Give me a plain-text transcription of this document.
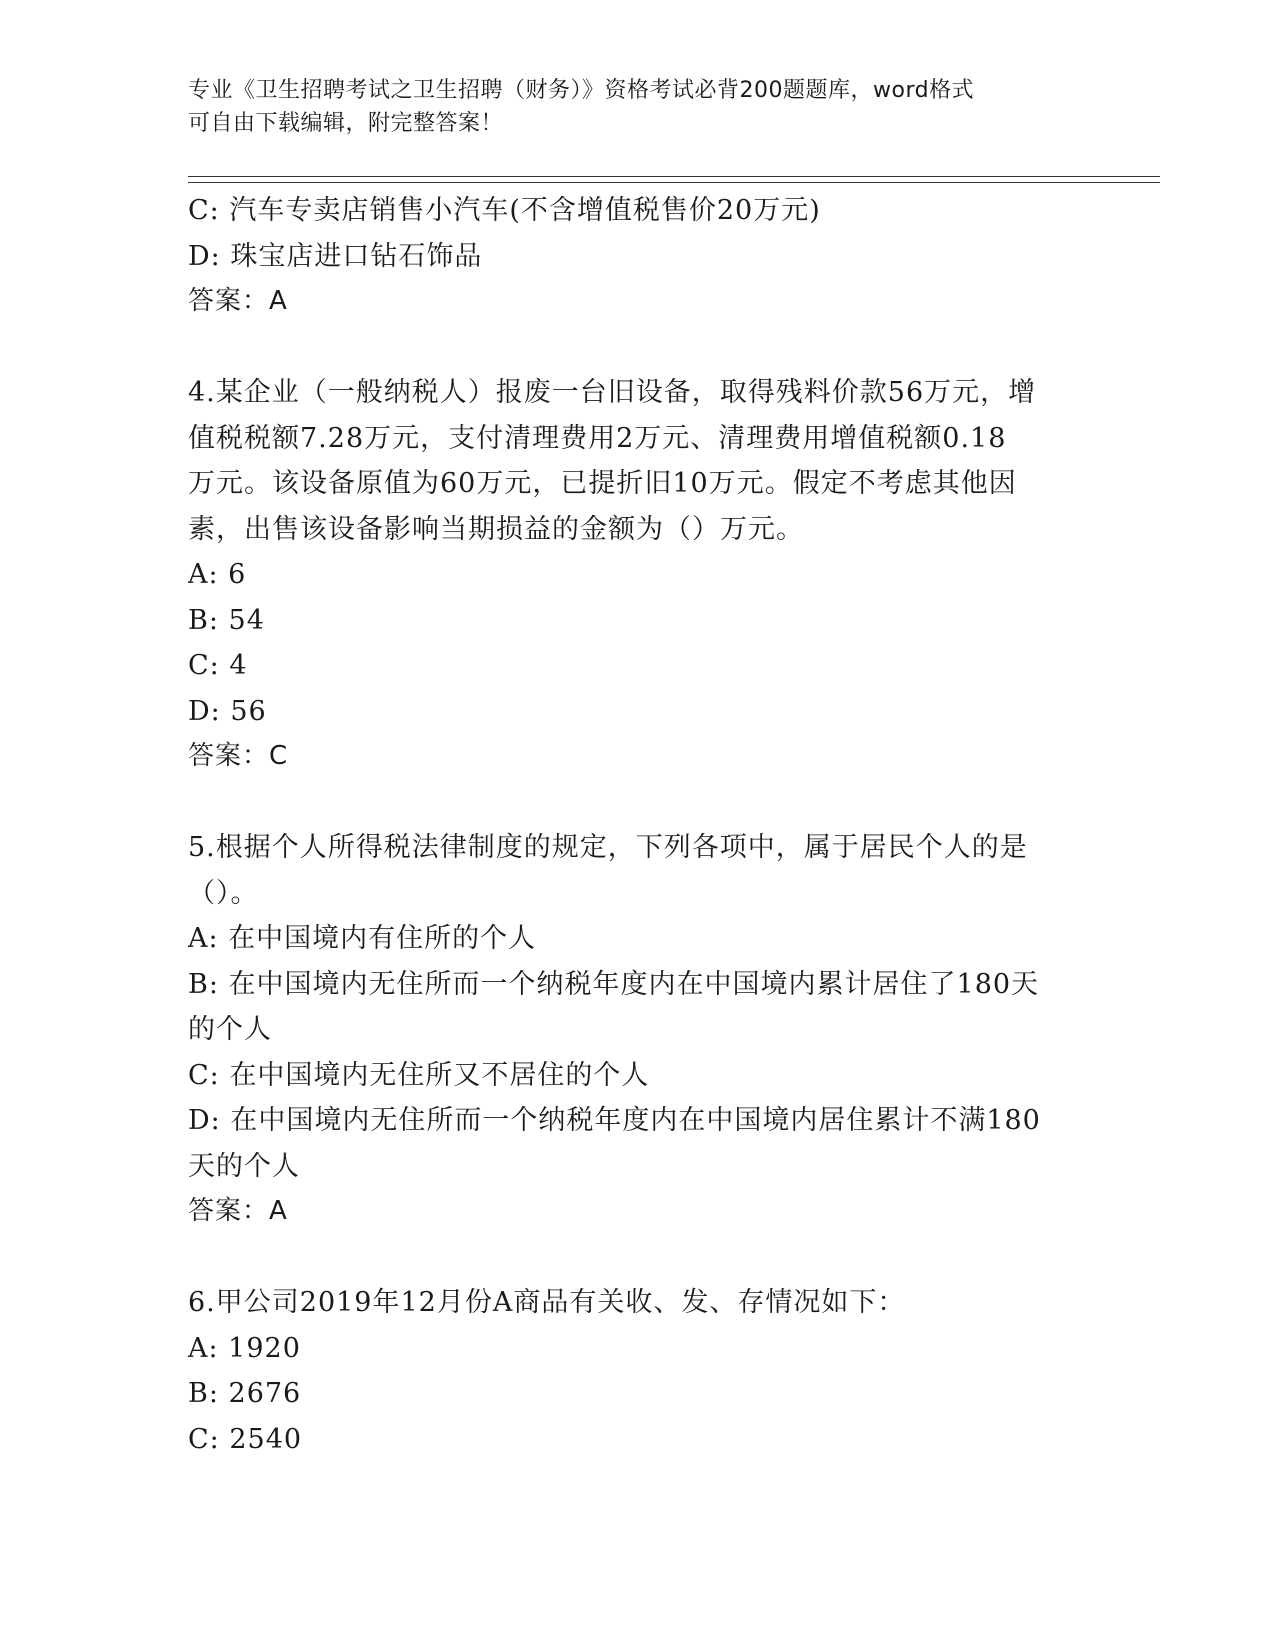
专业《卫生招聘考试之卫生招聘（财务）》资格考试必背200题题库，word格式
可自由下载编辑，附完整答案！
C: 汽车专卖店销售小汽车(不含增值税售价20万元)
D: 珠宝店进口钻石饰品
答案：A
4.某企业（一般纳税人）报废一台旧设备，取得残料价款56万元，增
值税税额7.28万元，支付清理费用2万元、清理费用增值税额0.18
万元。该设备原值为60万元，已提折旧10万元。假定不考虑其他因
素，出售该设备影响当期损益的金额为（）万元。
A: 6
B: 54
C: 4
D: 56
答案：C
5.根据个人所得税法律制度的规定，下列各项中，属于居民个人的是
（）。
A: 在中国境内有住所的个人
B: 在中国境内无住所而一个纳税年度内在中国境内累计居住了180天
的个人
C: 在中国境内无住所又不居住的个人
D: 在中国境内无住所而一个纳税年度内在中国境内居住累计不满180
天的个人
答案：A
6.甲公司2019年12月份A商品有关收、发、存情况如下：
A: 1920
B: 2676
C: 2540
